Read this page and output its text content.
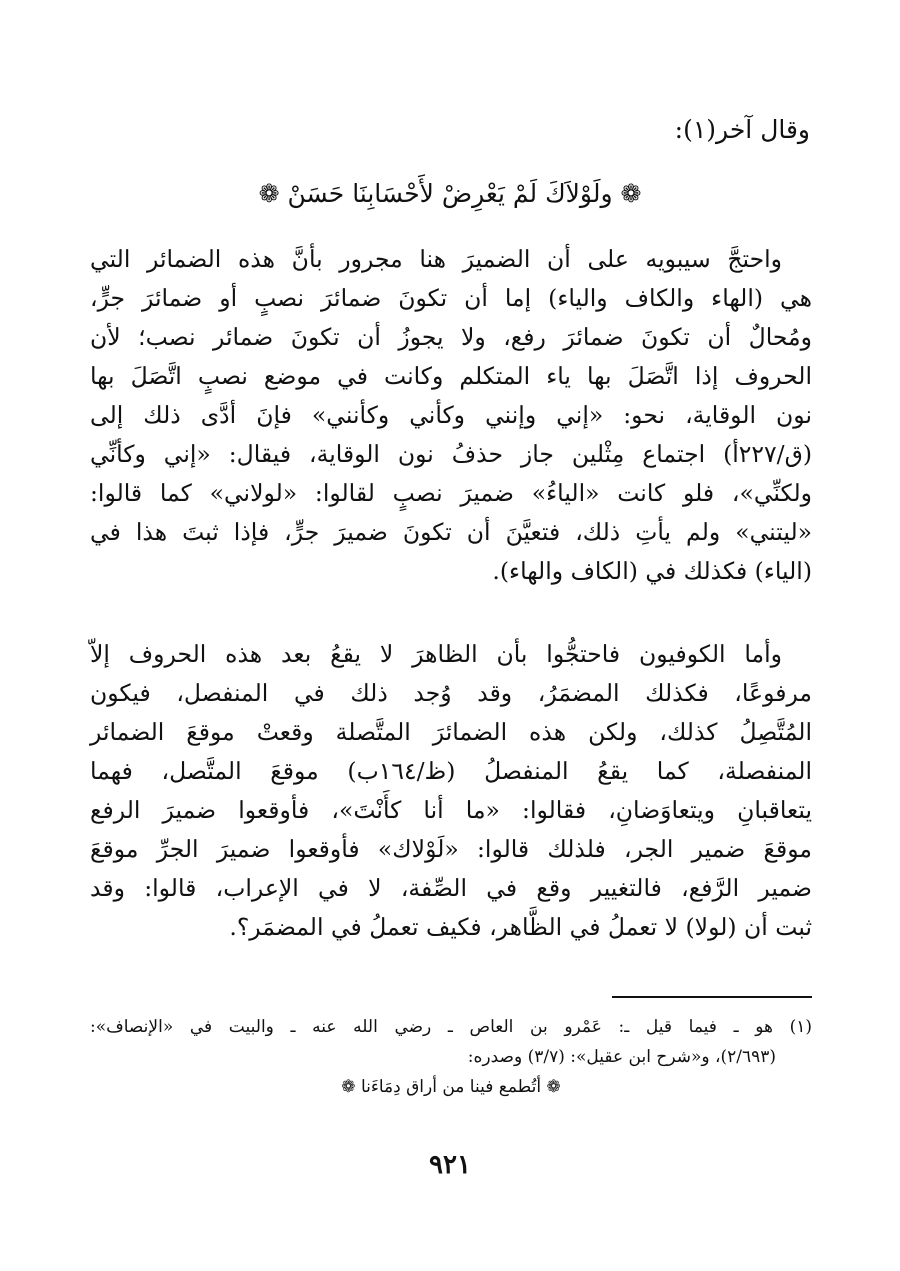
وقال آخر(١):
❁ ولَوْلاَكَ لَمْ يَعْرِضْ لأَحْسَابِنَا حَسَنْ ❁
واحتجَّ سيبويه على أن الضميرَ هنا مجرور بأنَّ هذه الضمائر التي
هي (الهاء والكاف والياء) إما أن تكونَ ضمائرَ نصبٍ أو ضمائرَ جرٍّ،
ومُحالٌ أن تكونَ ضمائرَ رفع، ولا يجوزُ أن تكونَ ضمائر نصب؛ لأن
الحروف إذا اتَّصَلَ بها ياء المتكلم وكانت في موضع نصبٍ اتَّصَلَ بها
نون الوقاية، نحو: «إني وإنني وكأني وكأنني» فإنَ أدَّى ذلك إلى
(ق/٢٢٧أ) اجتماع مِثْلين جاز حذفُ نون الوقاية، فيقال: «إني وكأنِّي
ولكنِّي»، فلو كانت «الياءُ» ضميرَ نصبٍ لقالوا: «لولاني» كما قالوا:
«ليتني» ولم يأتِ ذلك، فتعيَّنَ أن تكونَ ضميرَ جرٍّ، فإذا ثبتَ هذا في
(الياء) فكذلك في (الكاف والهاء).
وأما الكوفيون فاحتجُّوا بأن الظاهرَ لا يقعُ بعد هذه الحروف إلاّ
مرفوعًا، فكذلك المضمَرُ، وقد وُجد ذلك في المنفصل، فيكون
المُتَّصِلُ كذلك، ولكن هذه الضمائرَ المتَّصلة وقعتْ موقعَ الضمائر
المنفصلة، كما يقعُ المنفصلُ (ظ/١٦٤ب) موقعَ المتَّصل، فهما
يتعاقبانِ ويتعاوَضانِ، فقالوا: «ما أنا كأَنْتَ»، فأوقعوا ضميرَ الرفع
موقعَ ضمير الجر، فلذلك قالوا: «لَوْلاك» فأوقعوا ضميرَ الجرِّ موقعَ
ضمير الرَّفع، فالتغيير وقع في الصِّفة، لا في الإعراب، قالوا: وقد
ثبت أن (لولا) لا تعملُ في الظَّاهر، فكيف تعملُ في المضمَر؟.
(١) هو ـ فيما قيل ـ: عَمْرو بن العاص ـ رضي الله عنه ـ والبيت في «الإنصاف»:
(٢/٦٩٣)، و«شرح ابن عقيل»: (٣/٧) وصدره:
❁ أتُطمع فينا من أراق دِمَاءَنا ❁
٩٢١
